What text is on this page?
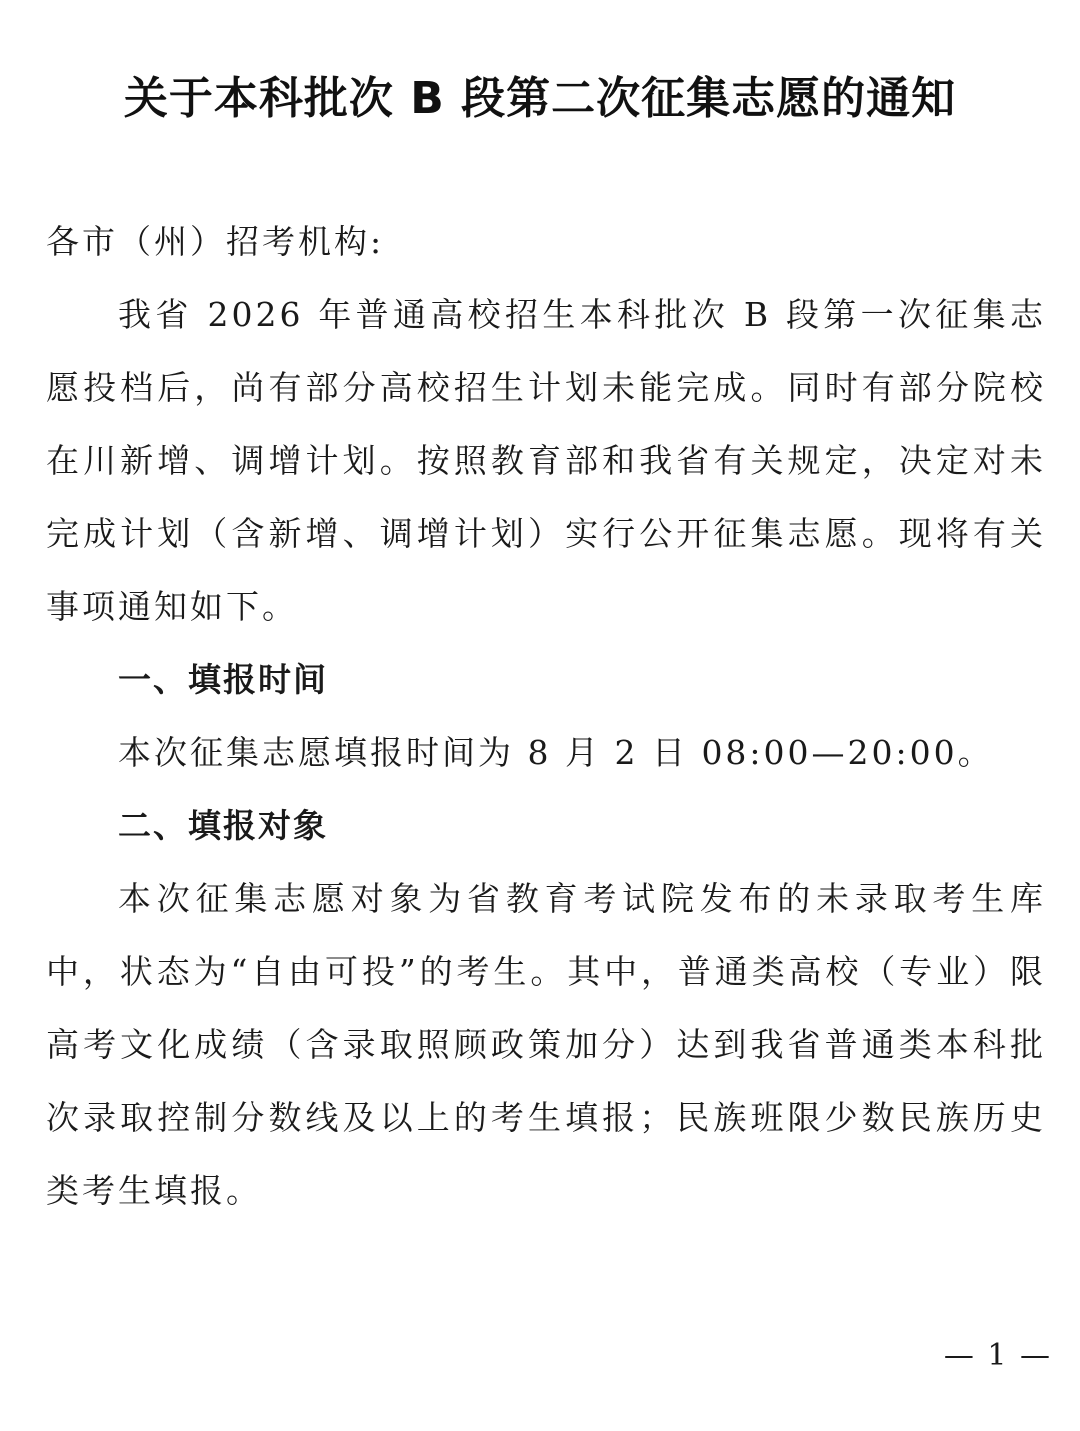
关于本科批次 B 段第二次征集志愿的通知

各市（州）招考机构:

我省 2026 年普通高校招生本科批次 B 段第一次征集志愿投档后，尚有部分高校招生计划未能完成。同时有部分院校在川新增、调增计划。按照教育部和我省有关规定，决定对未完成计划（含新增、调增计划）实行公开征集志愿。现将有关事项通知如下。

一、填报时间

本次征集志愿填报时间为 8 月 2 日 08:00—20:00。

二、填报对象

本次征集志愿对象为省教育考试院发布的未录取考生库中，状态为“自由可投”的考生。其中，普通类高校（专业）限高考文化成绩（含录取照顾政策加分）达到我省普通类本科批次录取控制分数线及以上的考生填报；民族班限少数民族历史类考生填报。

— 1 —
